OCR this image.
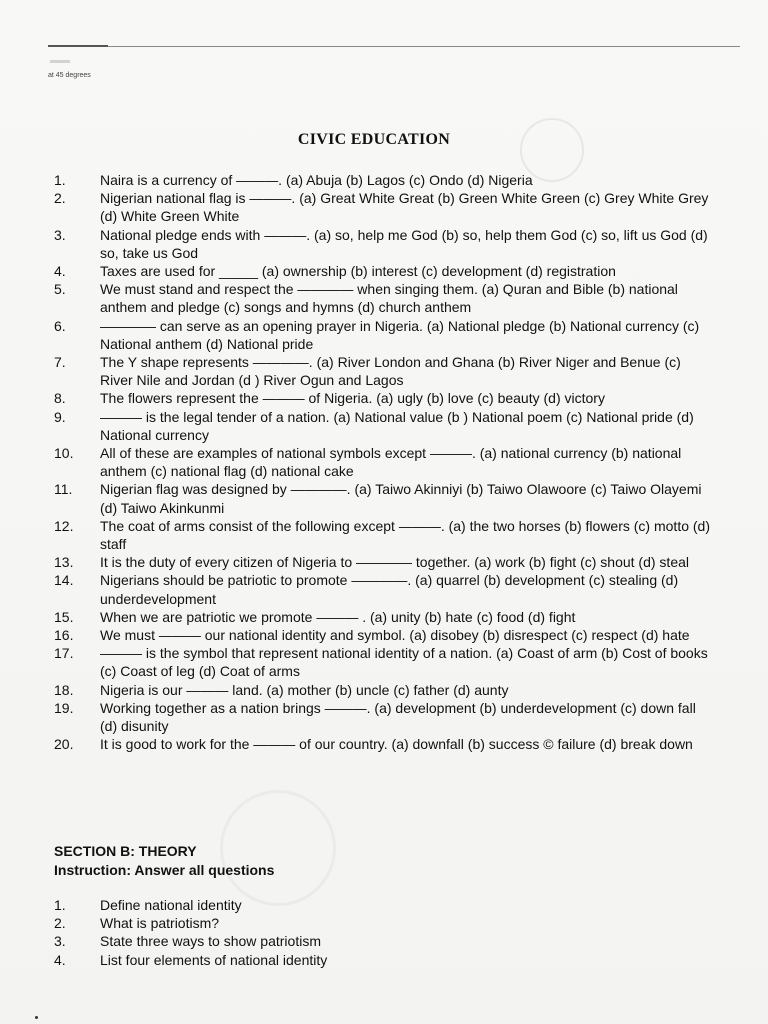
at 45 degrees
CIVIC EDUCATION
1.	Naira is a currency of ———. (a) Abuja (b) Lagos (c) Ondo (d) Nigeria
2.	Nigerian national flag is ———. (a) Great White Great (b) Green White Green (c) Grey White Grey (d) White Green White
3.	National pledge ends with ———. (a) so, help me God (b) so, help them God (c) so, lift us God (d) so, take us God
4.	Taxes are used for _____ (a) ownership (b) interest (c) development (d) registration
5.	We must stand and respect the ———— when singing them. (a) Quran and Bible (b) national anthem and pledge (c) songs and hymns (d) church anthem
6.	———— can serve as an opening prayer in Nigeria. (a) National pledge (b) National currency (c) National anthem (d) National pride
7.	The Y shape represents ————. (a) River London and Ghana (b) River Niger and Benue (c) River Nile and Jordan (d ) River Ogun and Lagos
8.	The flowers represent the ——— of Nigeria. (a) ugly (b) love (c) beauty (d) victory
9.	——— is the legal tender of a nation. (a) National value (b ) National poem (c) National pride (d) National currency
10.	All of these are examples of national symbols except ———. (a) national currency (b) national anthem (c) national flag (d) national cake
11.	Nigerian flag was designed by ————. (a) Taiwo Akinniyi (b) Taiwo Olawoore (c) Taiwo Olayemi (d) Taiwo Akinkunmi
12.	The coat of arms consist of the following except ———. (a) the two horses (b) flowers (c) motto (d) staff
13.	It is the duty of every citizen of Nigeria to ———— together. (a) work (b) fight (c) shout (d) steal
14.	Nigerians should be patriotic to promote ————. (a) quarrel (b) development (c) stealing (d) underdevelopment
15.	When we are patriotic we promote ——— . (a) unity (b) hate (c) food (d) fight
16.	We must ——— our national identity and symbol. (a) disobey (b) disrespect (c) respect (d) hate
17.	——— is the symbol that represent national identity of a nation. (a) Coast of arm (b) Cost of books (c) Coast of leg (d) Coat of arms
18.	Nigeria is our ——— land. (a) mother (b) uncle (c) father (d) aunty
19.	Working together as a nation brings ———. (a) development (b) underdevelopment (c) down fall (d) disunity
20.	It is good to work for the ——— of our country. (a) downfall (b) success © failure (d) break down
SECTION B: THEORY
Instruction: Answer all questions
1.	Define national identity
2.	What is patriotism?
3.	State three ways to show patriotism
4.	List four elements of national identity
